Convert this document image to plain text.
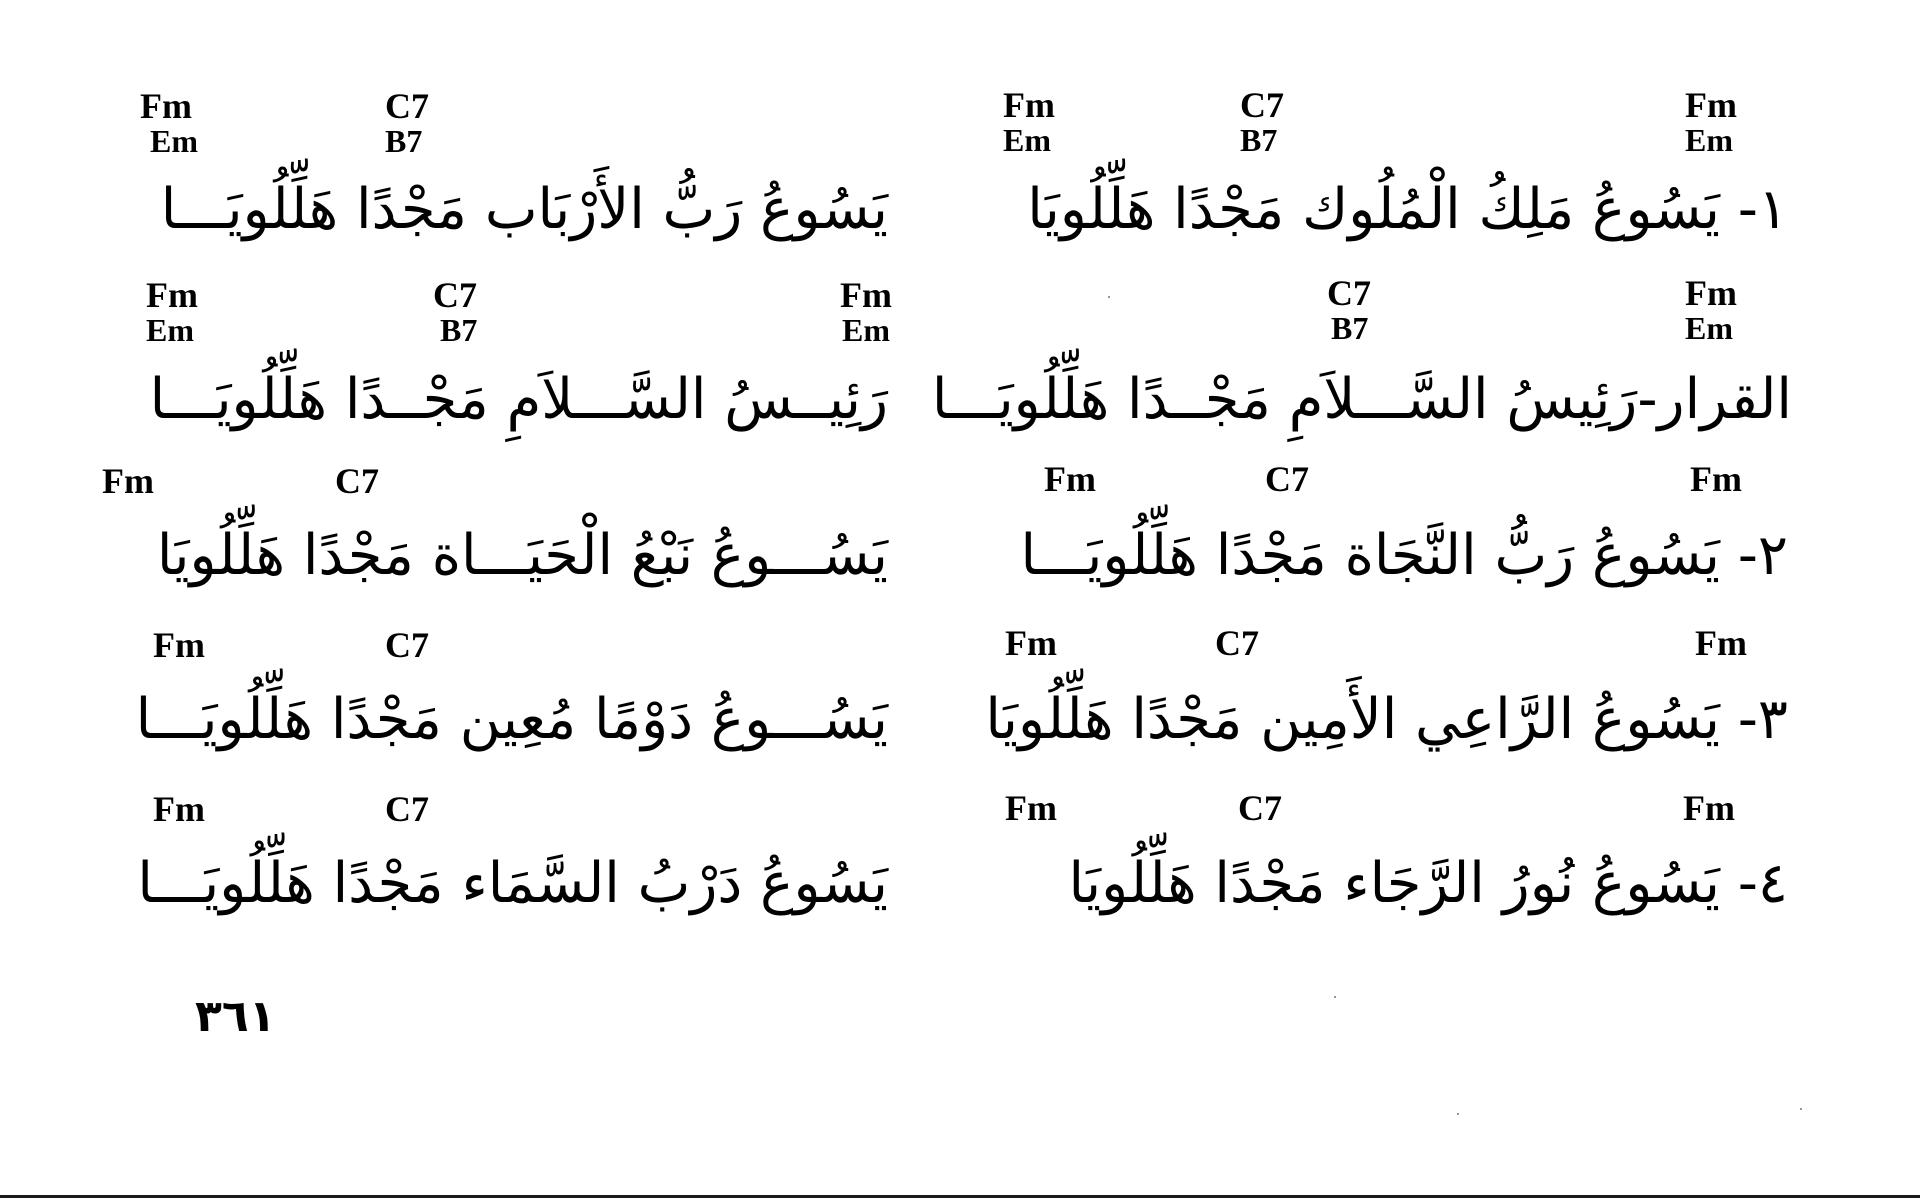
Fm
Em
C7
B7
Fm
Em
١- يَسُوعُ مَلِكُ الْمُلُوك مَجْدًا هَلِّلُويَا
C7
B7
Fm
Em
القرار-رَئِيسُ السَّـــلاَمِ مَجْــدًا هَلِّلُويَـــا
Fm	C7	Fm
٢- يَسُوعُ رَبُّ النَّجَاة مَجْدًا هَلِّلُويَـــا
Fm	C7	Fm
٣- يَسُوعُ الرَّاعِي الأَمِين مَجْدًا هَلِّلُويَا
Fm	C7	Fm
٤- يَسُوعُ نُورُ الرَّجَاء مَجْدًا هَلِّلُويَا
Fm
Em
C7
B7
يَسُوعُ رَبُّ الأَرْبَاب مَجْدًا هَلِّلُويَـــا
Fm
Em
C7
B7
Fm
Em
رَئِيــسُ السَّـــلاَمِ مَجْــدًا هَلِّلُويَـــا
Fm	C7
يَسُـــوعُ نَبْعُ الْحَيَـــاة مَجْدًا هَلِّلُويَا
Fm	C7
يَسُـــوعُ دَوْمًا مُعِين مَجْدًا هَلِّلُويَـــا
Fm	C7
يَسُوعُ دَرْبُ السَّمَاء مَجْدًا هَلِّلُويَـــا
٣٦١
